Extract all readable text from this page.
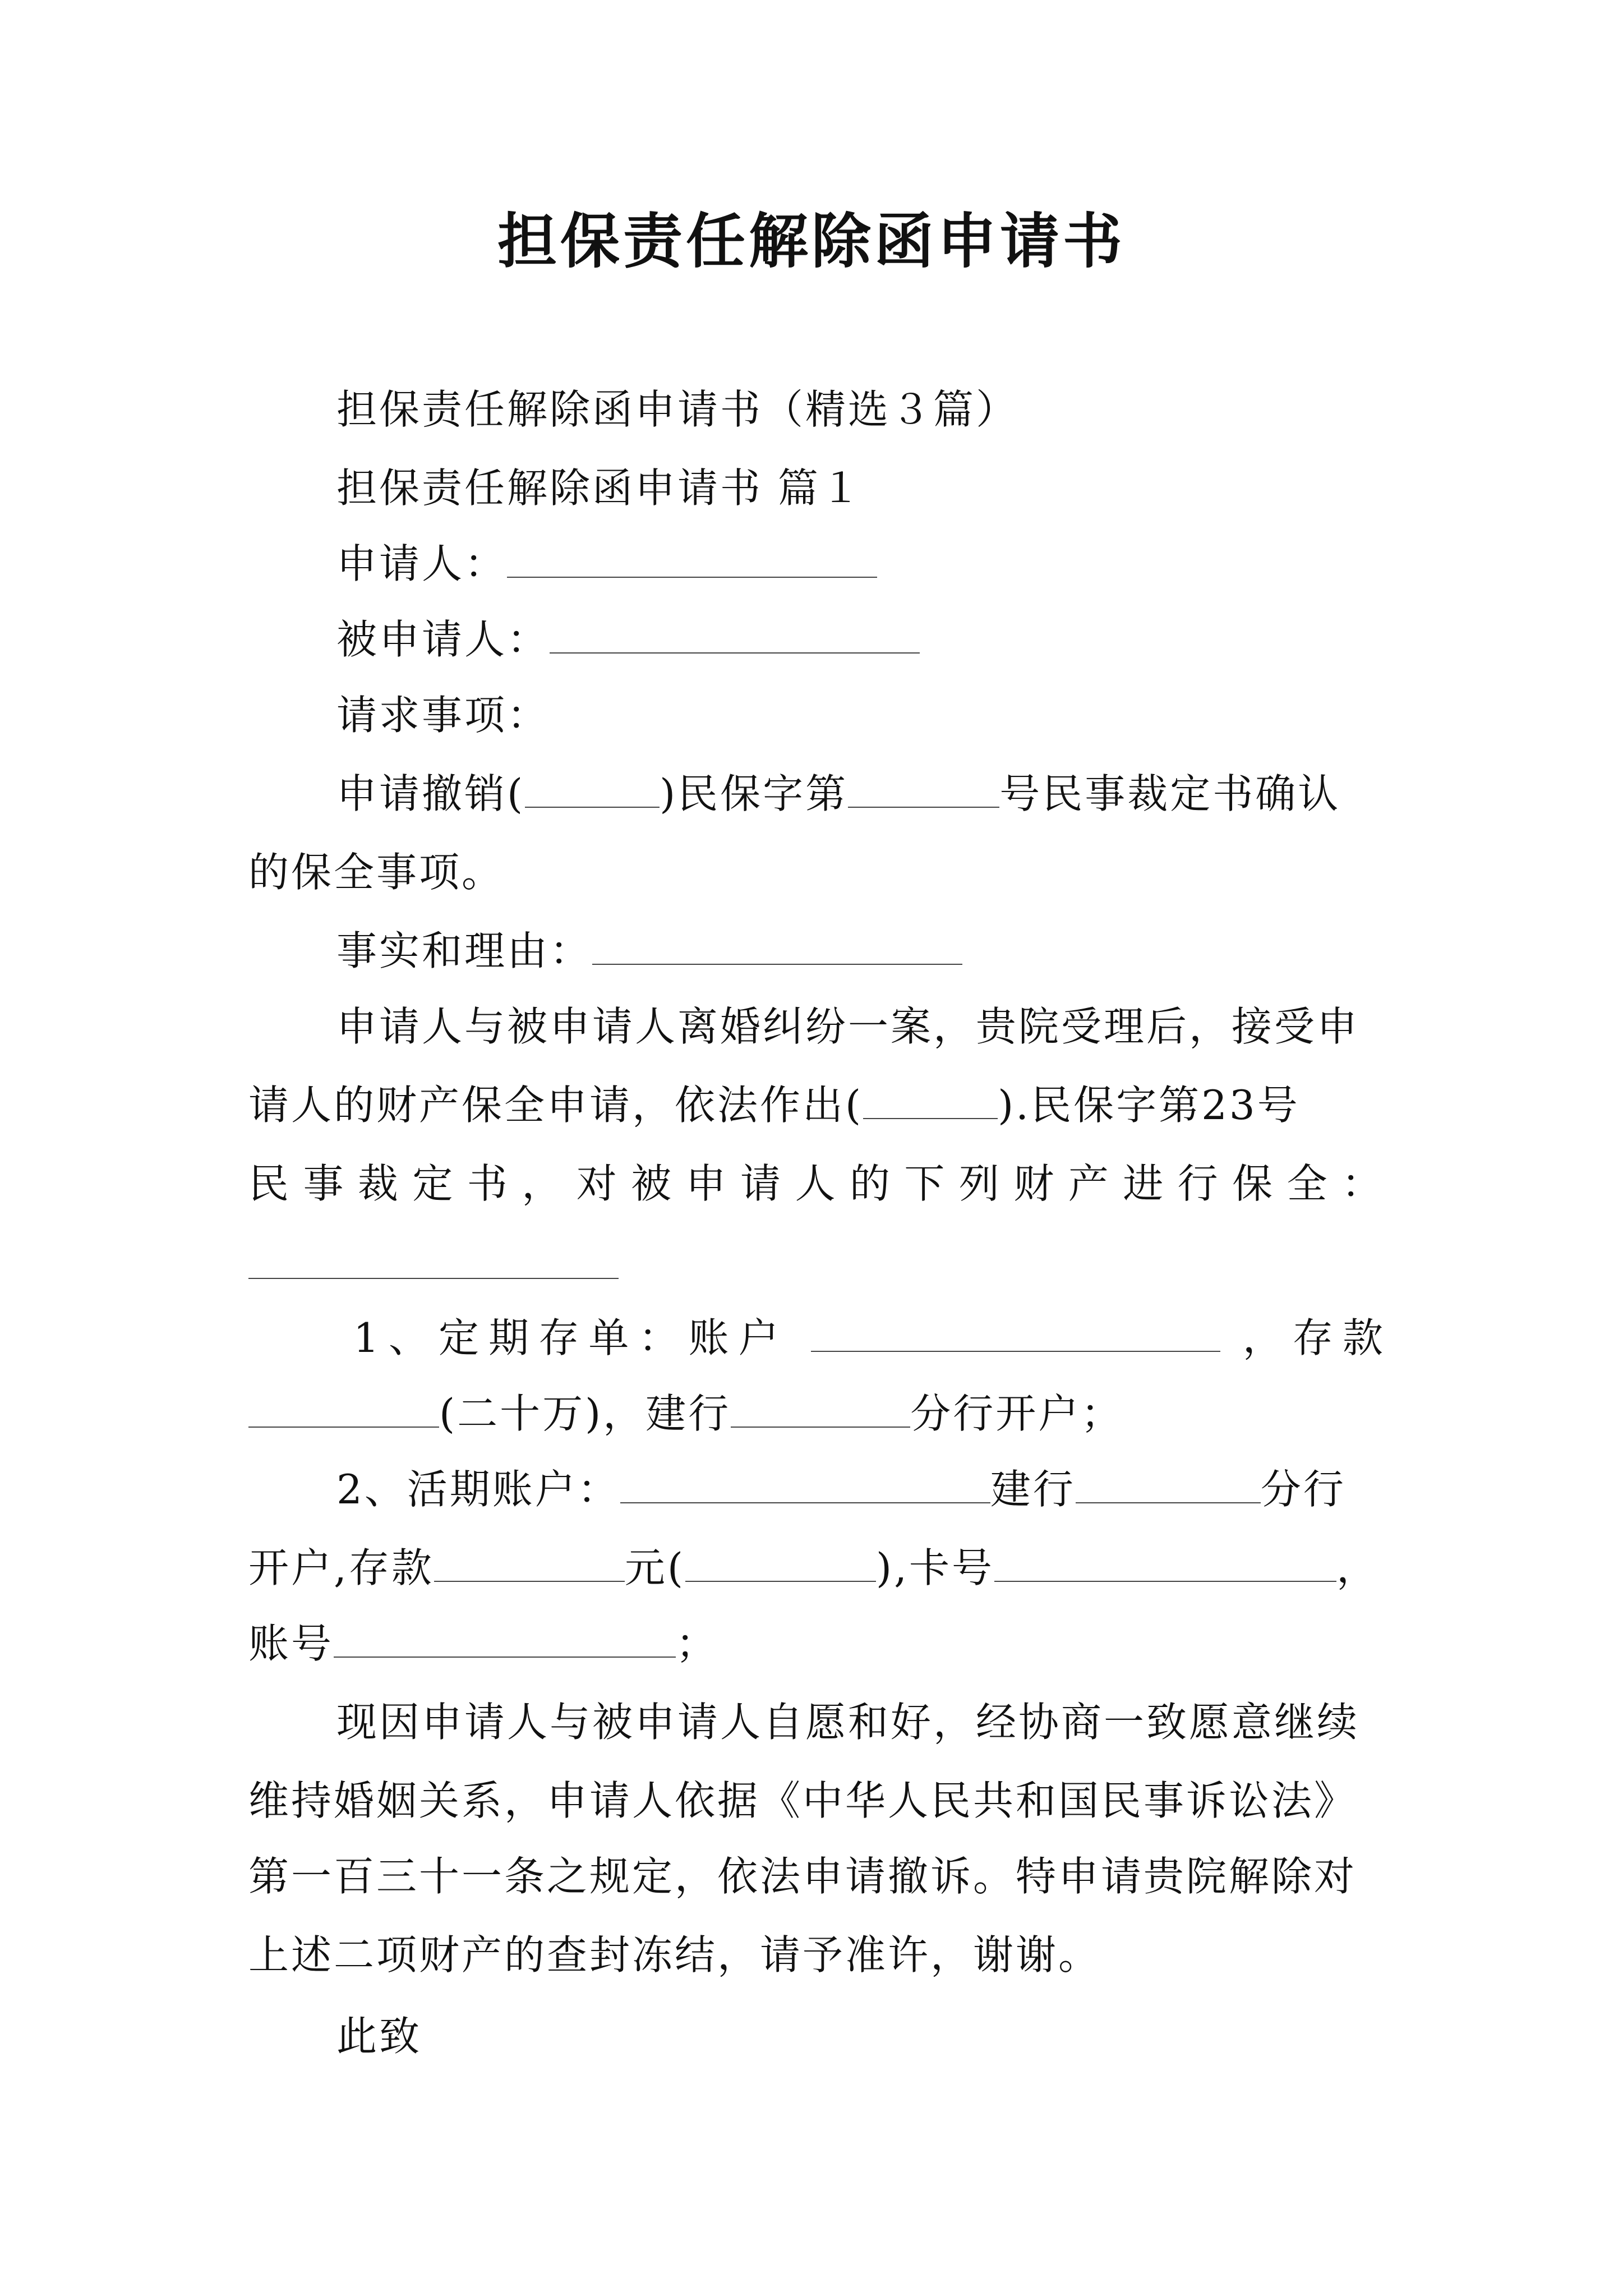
担保责任解除函申请书
担保责任解除函申请书（精选３篇）
担保责任解除函申请书 篇１
申请人：
被申请人：
请求事项：
申请撤销(	)民保字第	号民事裁定书确认
的保全事项。
事实和理由：
申请人与被申请人离婚纠纷一案，贵院受理后，接受申
请人的财产保全申请，依法作出(	).民保字第23号
民事裁定书，对被申请人的下列财产进行保全：
1、定期存单：账户	，存款
(二十万)，建行	分行开户；
2、活期账户：	建行	分行
开户,存款	元(	),卡号	，
账号	；
现因申请人与被申请人自愿和好，经协商一致愿意继续
维持婚姻关系，申请人依据《中华人民共和国民事诉讼法》
第一百三十一条之规定，依法申请撤诉。特申请贵院解除对
上述二项财产的查封冻结，请予准许，谢谢。
此致
